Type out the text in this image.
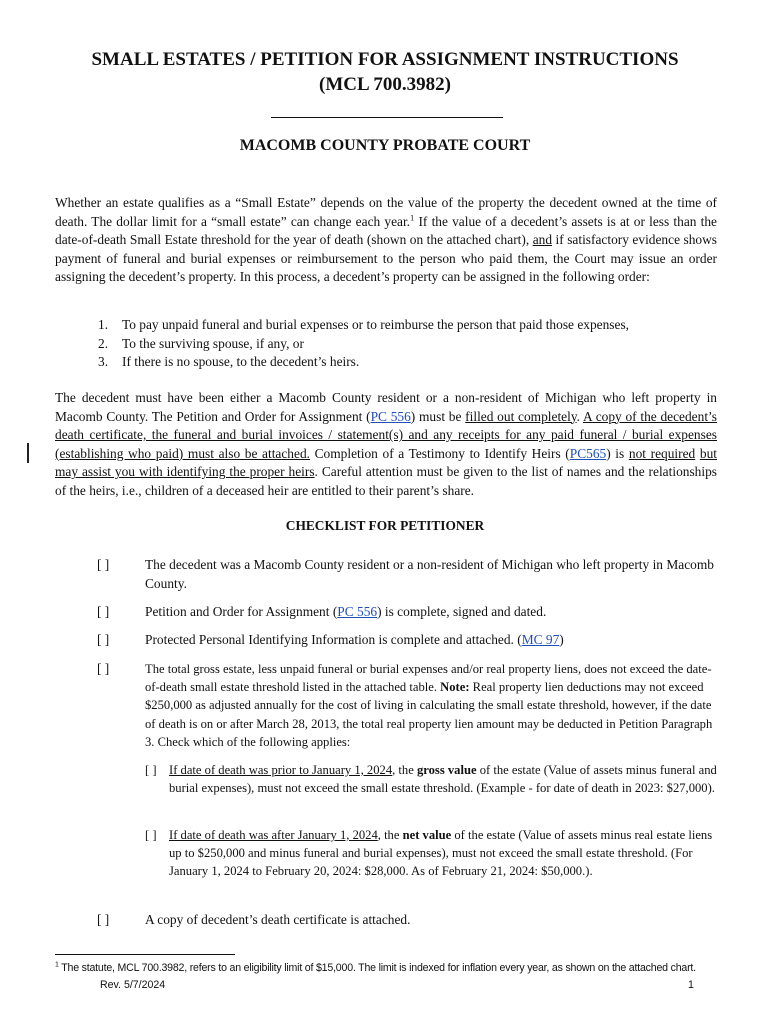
SMALL ESTATES / PETITION FOR ASSIGNMENT INSTRUCTIONS
(MCL 700.3982)
MACOMB COUNTY PROBATE COURT
Whether an estate qualifies as a “Small Estate” depends on the value of the property the decedent owned at the time of death. The dollar limit for a “small estate” can change each year.$^1$ If the value of a decedent’s assets is at or less than the date-of-death Small Estate threshold for the year of death (shown on the attached chart), and if satisfactory evidence shows payment of funeral and burial expenses or reimbursement to the person who paid them, the Court may issue an order assigning the decedent’s property. In this process, a decedent’s property can be assigned in the following order:
1.	To pay unpaid funeral and burial expenses or to reimburse the person that paid those expenses,
2.	To the surviving spouse, if any, or
3.	If there is no spouse, to the decedent’s heirs.
The decedent must have been either a Macomb County resident or a non-resident of Michigan who left property in Macomb County. The Petition and Order for Assignment (PC 556) must be filled out completely. A copy of the decedent’s death certificate, the funeral and burial invoices / statement(s) and any receipts for any paid funeral / burial expenses (establishing who paid) must also be attached. Completion of a Testimony to Identify Heirs (PC565) is not required but may assist you with identifying the proper heirs. Careful attention must be given to the list of names and the relationships of the heirs, i.e., children of a deceased heir are entitled to their parent’s share.
CHECKLIST FOR PETITIONER
[ ]	The decedent was a Macomb County resident or a non-resident of Michigan who left property in Macomb County.
[ ]	Petition and Order for Assignment (PC 556) is complete, signed and dated.
[ ]	Protected Personal Identifying Information is complete and attached. (MC 97)
[ ]	The total gross estate, less unpaid funeral or burial expenses and/or real property liens, does not exceed the date-of-death small estate threshold listed in the attached table. Note: Real property lien deductions may not exceed $250,000 as adjusted annually for the cost of living in calculating the small estate threshold, however, if the date of death is on or after March 28, 2013, the total real property lien amount may be deducted in Petition Paragraph 3. Check which of the following applies:
[ ] If date of death was prior to January 1, 2024, the gross value of the estate (Value of assets minus funeral and burial expenses), must not exceed the small estate threshold. (Example - for date of death in 2023: $27,000).
[ ] If date of death was after January 1, 2024, the net value of the estate (Value of assets minus real estate liens up to $250,000 and minus funeral and burial expenses), must not exceed the small estate threshold. (For January 1, 2024 to February 20, 2024: $28,000. As of February 21, 2024: $50,000.).
[ ]	A copy of decedent’s death certificate is attached.
$^1$ The statute, MCL 700.3982, refers to an eligibility limit of $15,000. The limit is indexed for inflation every year, as shown on the attached chart.
Rev. 5/7/2024	1
